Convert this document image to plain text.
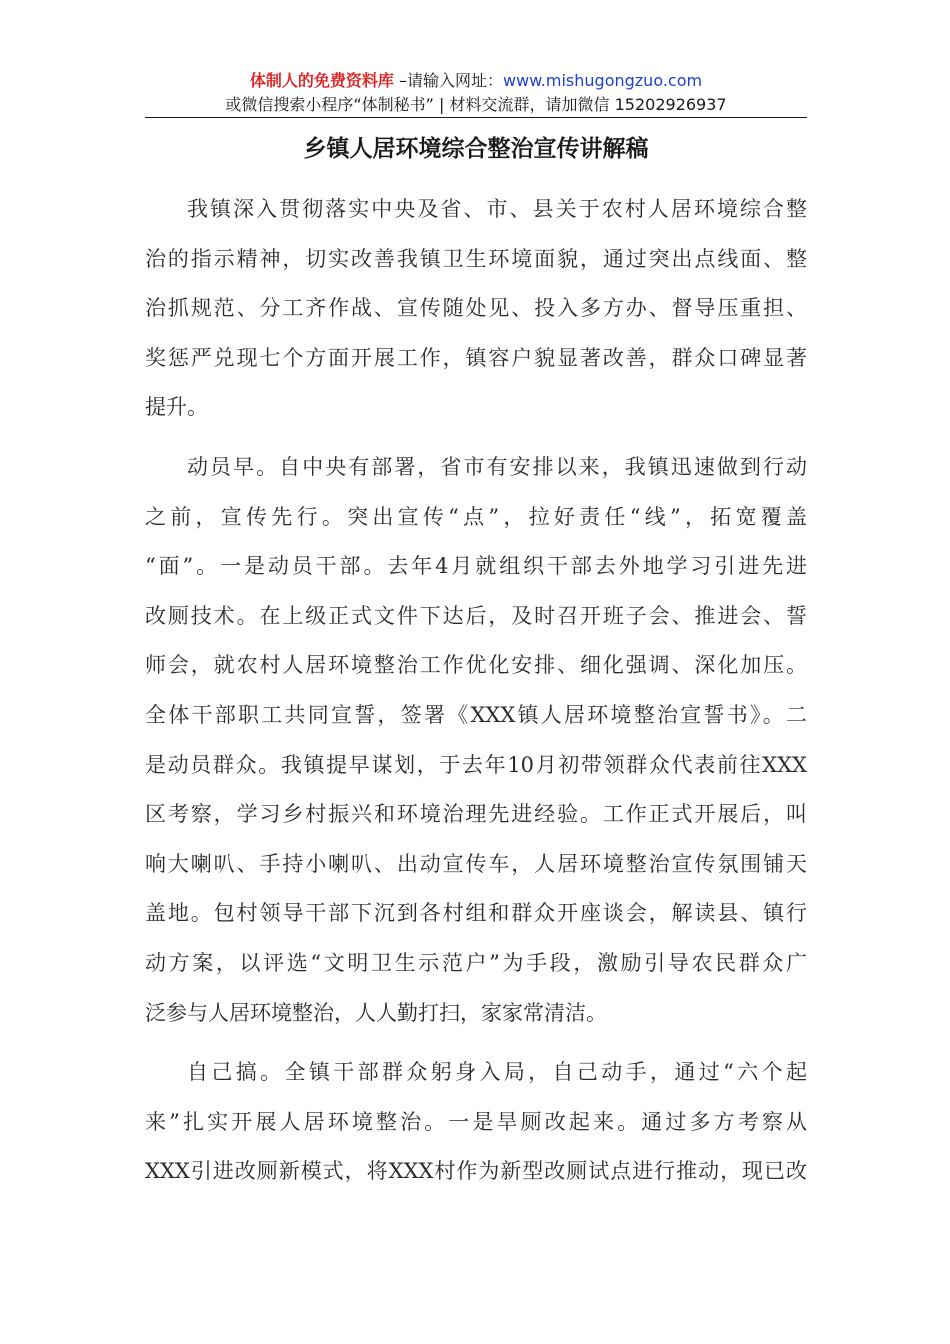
体制人的免费资料库 –请输入网址：www.mishugongzuo.com
或微信搜索小程序“体制秘书” | 材料交流群，请加微信 15202926937
乡镇人居环境综合整治宣传讲解稿
我镇深入贯彻落实中央及省、市、县关于农村人居环境综合整
治的指示精神，切实改善我镇卫生环境面貌，通过突出点线面、整
治抓规范、分工齐作战、宣传随处见、投入多方办、督导压重担、
奖惩严兑现七个方面开展工作，镇容户貌显著改善，群众口碑显著
提升。
动员早。自中央有部署，省市有安排以来，我镇迅速做到行动
之前，宣传先行。突出宣传“点”，拉好责任“线”，拓宽覆盖
“面”。一是动员干部。去年4月就组织干部去外地学习引进先进
改厕技术。在上级正式文件下达后，及时召开班子会、推进会、誓
师会，就农村人居环境整治工作优化安排、细化强调、深化加压。
全体干部职工共同宣誓，签署《XXX镇人居环境整治宣誓书》。二
是动员群众。我镇提早谋划，于去年10月初带领群众代表前往XXX
区考察，学习乡村振兴和环境治理先进经验。工作正式开展后，叫
响大喇叭、手持小喇叭、出动宣传车，人居环境整治宣传氛围铺天
盖地。包村领导干部下沉到各村组和群众开座谈会，解读县、镇行
动方案，以评选“文明卫生示范户”为手段，激励引导农民群众广
泛参与人居环境整治，人人勤打扫，家家常清洁。
自己搞。全镇干部群众躬身入局，自己动手，通过“六个起
来”扎实开展人居环境整治。一是旱厕改起来。通过多方考察从
XXX引进改厕新模式，将XXX村作为新型改厕试点进行推动，现已改
